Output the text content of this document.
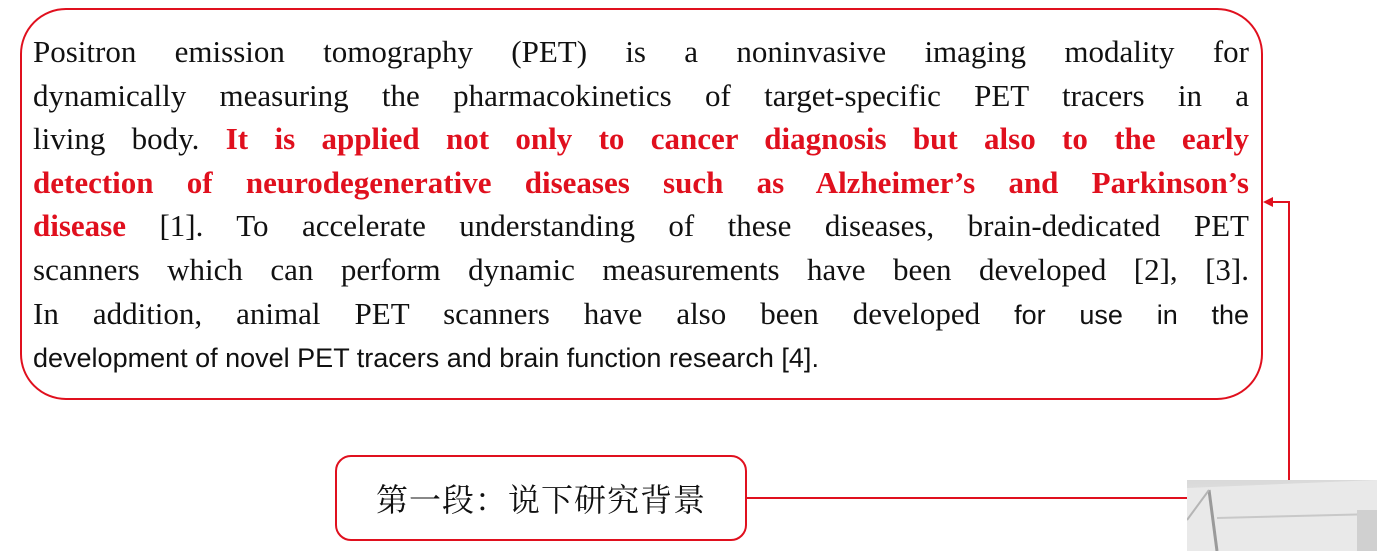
Positron emission tomography (PET) is a noninvasive imaging modality for
dynamically measuring the pharmacokinetics of target-specific PET tracers in a
living body. It is applied not only to cancer diagnosis but also to the early
detection of neurodegenerative diseases such as Alzheimer’s and Parkinson’s
disease [1]. To accelerate understanding of these diseases, brain-dedicated PET
scanners which can perform dynamic measurements have been developed [2], [3].
In addition, animal PET scanners have also been developed for use in the
development of novel PET tracers and brain function research [4].
第一段：说下研究背景
